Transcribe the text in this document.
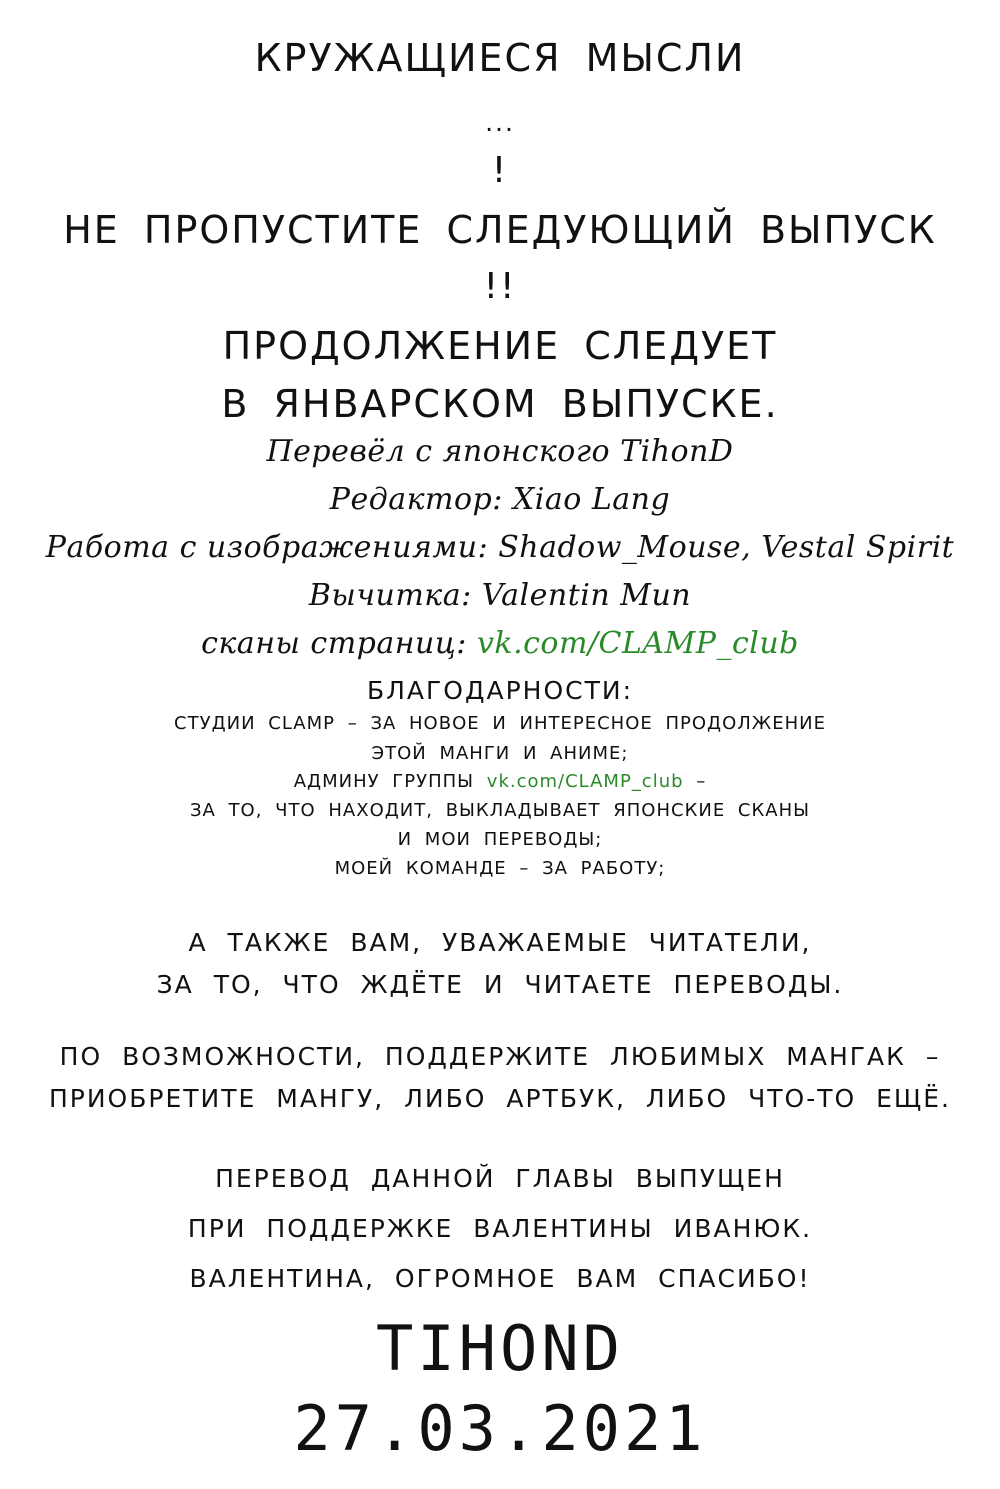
КРУЖАЩИЕСЯ МЫСЛИ
...
!
НЕ ПРОПУСТИТЕ СЛЕДУЮЩИЙ ВЫПУСК
!!
ПРОДОЛЖЕНИЕ СЛЕДУЕТ
В ЯНВАРСКОМ ВЫПУСКЕ.
Перевёл с японского TihonD
Редактор: Xiao Lang
Работа с изображениями: Shadow_Mouse, Vestal Spirit
Вычитка: Valentin Mun
сканы страниц: vk.com/CLAMP_club
БЛАГОДАРНОСТИ:
СТУДИИ CLAMP – ЗА НОВОЕ И ИНТЕРЕСНОЕ ПРОДОЛЖЕНИЕ
ЭТОЙ МАНГИ И АНИМЕ;
АДМИНУ ГРУППЫ vk.com/CLAMP_club –
ЗА ТО, ЧТО НАХОДИТ, ВЫКЛАДЫВАЕТ ЯПОНСКИЕ СКАНЫ
И МОИ ПЕРЕВОДЫ;
МОЕЙ КОМАНДЕ – ЗА РАБОТУ;
А ТАКЖЕ ВАМ, УВАЖАЕМЫЕ ЧИТАТЕЛИ,
ЗА ТО, ЧТО ЖДЁТЕ И ЧИТАЕТЕ ПЕРЕВОДЫ.
ПО ВОЗМОЖНОСТИ, ПОДДЕРЖИТЕ ЛЮБИМЫХ МАНГАК –
ПРИОБРЕТИТЕ МАНГУ, ЛИБО АРТБУК, ЛИБО ЧТО-ТО ЕЩЁ.
ПЕРЕВОД ДАННОЙ ГЛАВЫ ВЫПУЩЕН
ПРИ ПОДДЕРЖКЕ ВАЛЕНТИНЫ ИВАНЮК.
ВАЛЕНТИНА, ОГРОМНОЕ ВАМ СПАСИБО!
TIHOND
27.03.2021
